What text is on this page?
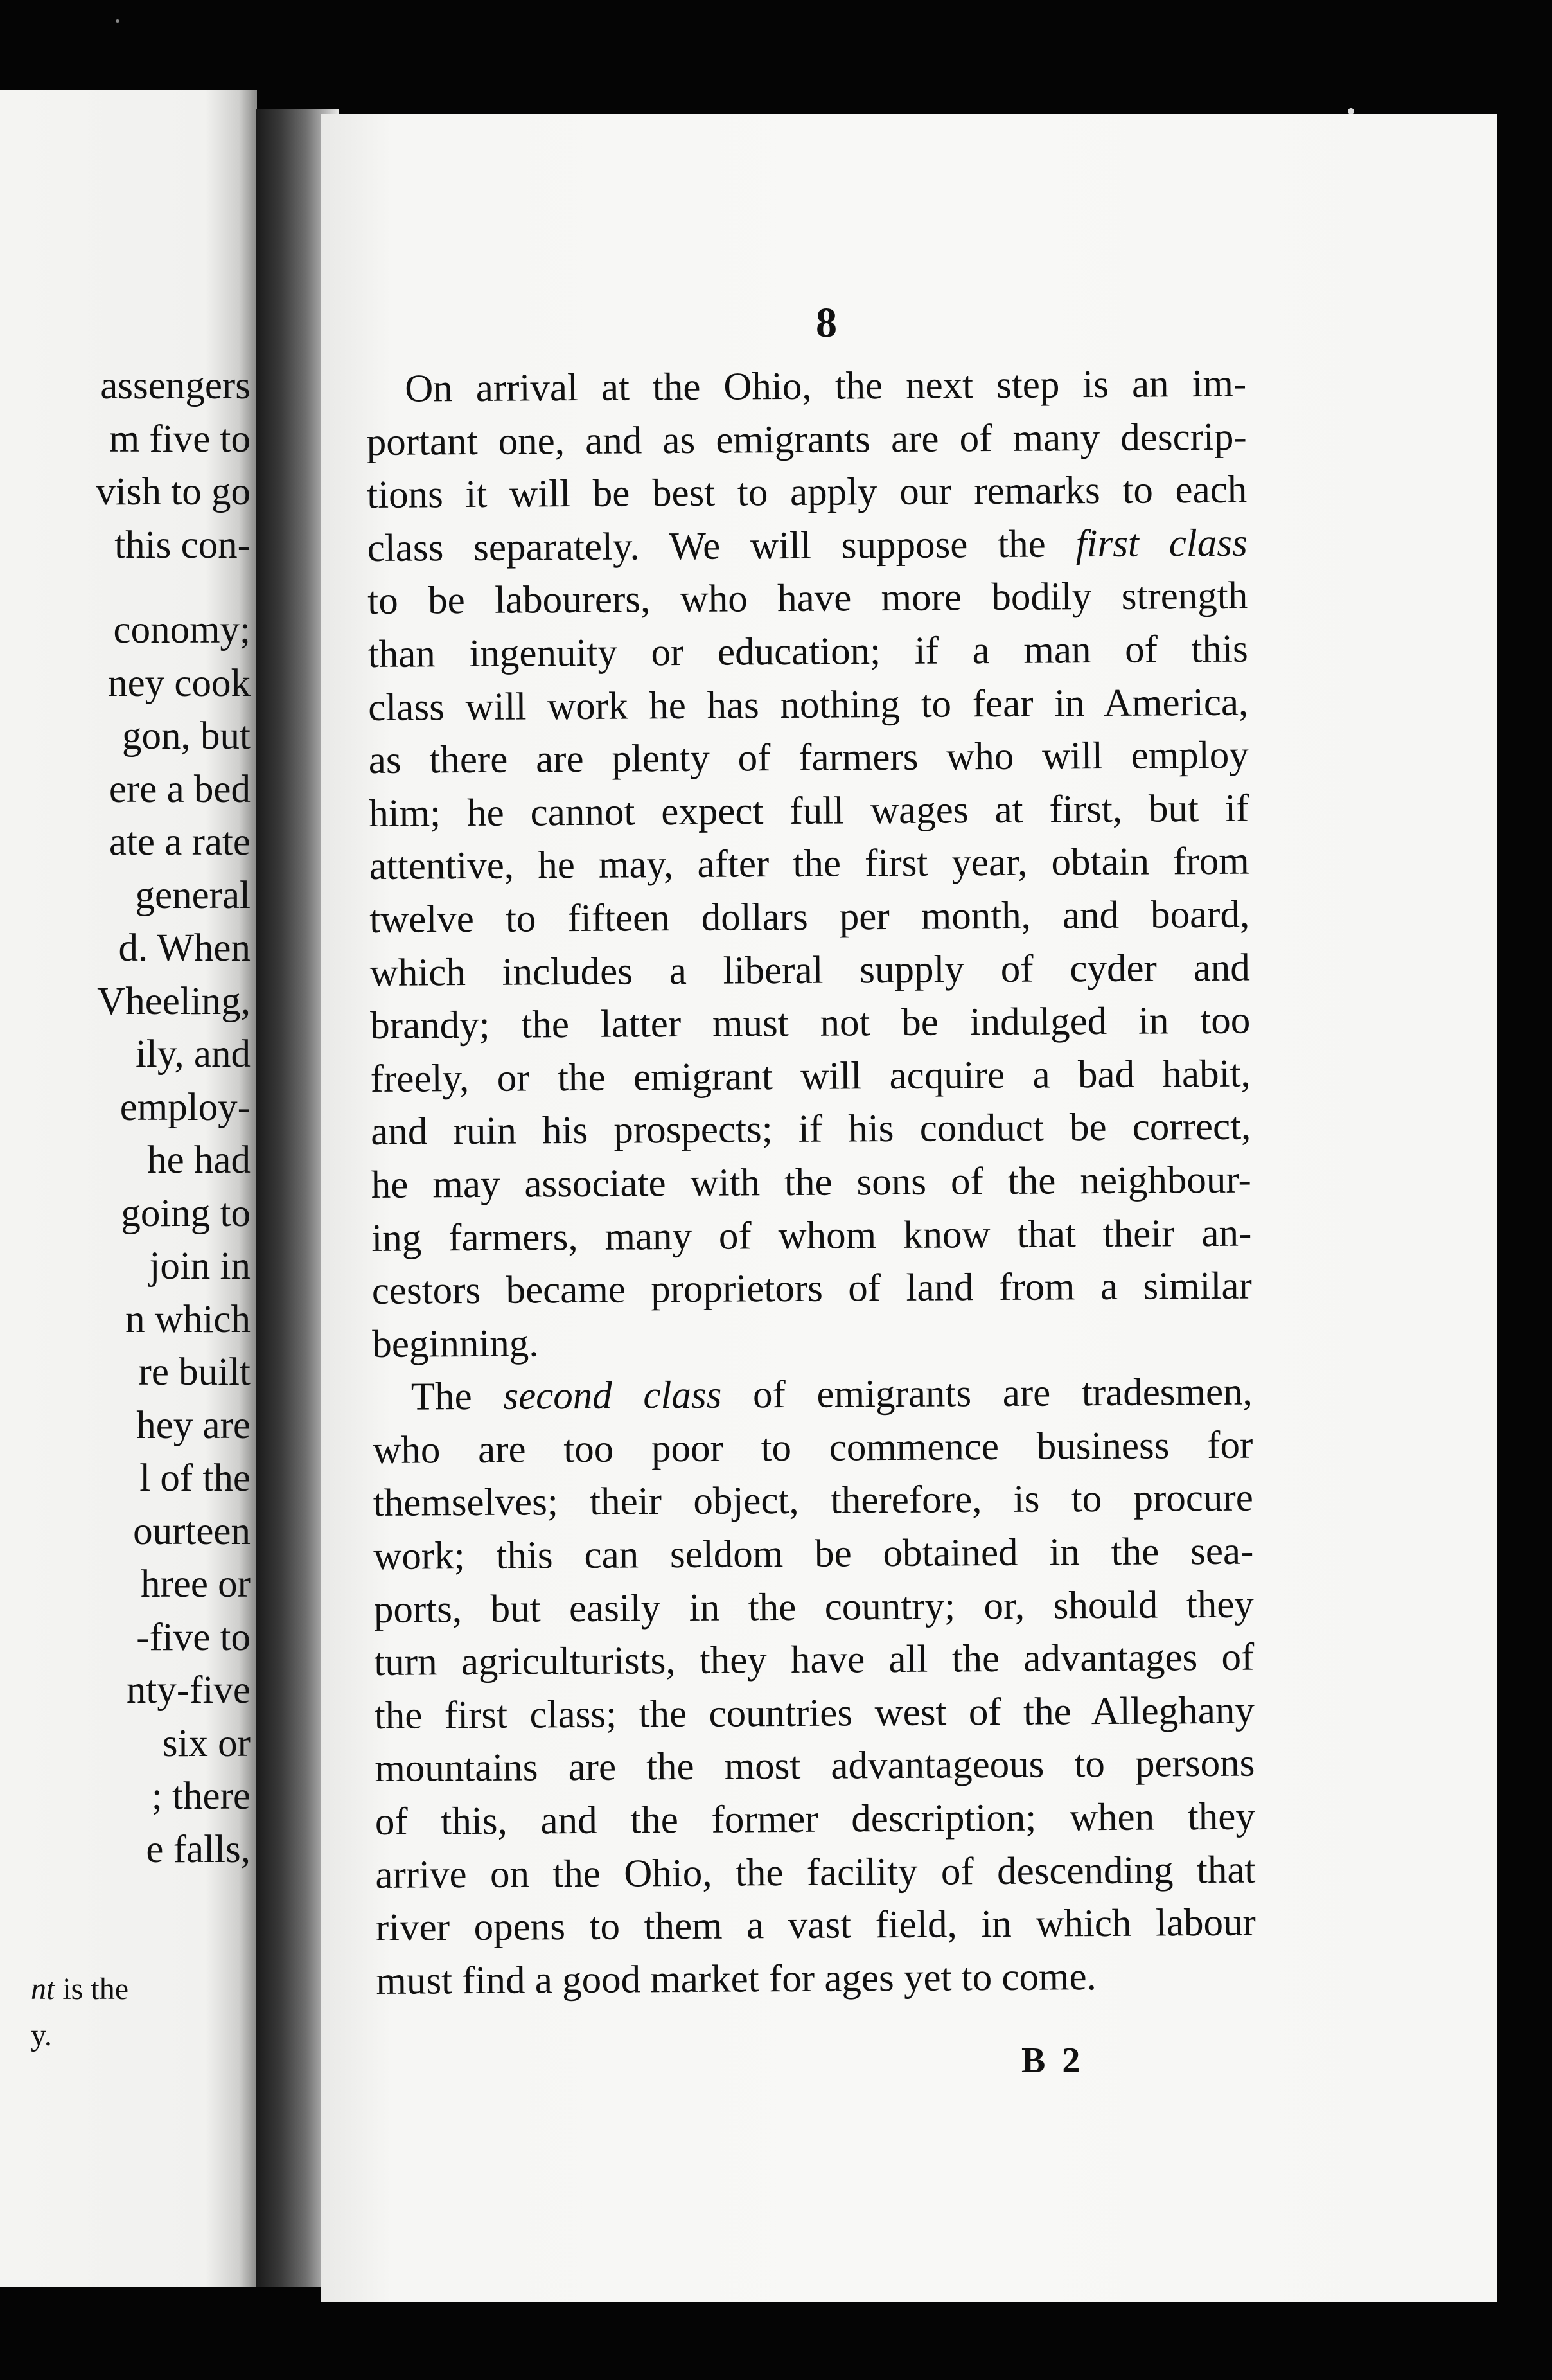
assengers
m five to
vish to go
this con-
conomy;
ney cook
gon, but
ere a bed
ate a rate
general
d. When
Vheeling,
ily, and
employ-
he had
going to
join in
n which
re built
hey are
l of the
ourteen
hree or
-five to
nty-five
six or
; there
e falls,
nt is the
y.
8
On arrival at the Ohio, the next step is an im-
portant one, and as emigrants are of many descrip-
tions it will be best to apply our remarks to each
class separately. We will suppose the first class
to be labourers, who have more bodily strength
than ingenuity or education; if a man of this
class will work he has nothing to fear in America,
as there are plenty of farmers who will employ
him; he cannot expect full wages at first, but if
attentive, he may, after the first year, obtain from
twelve to fifteen dollars per month, and board,
which includes a liberal supply of cyder and
brandy; the latter must not be indulged in too
freely, or the emigrant will acquire a bad habit,
and ruin his prospects; if his conduct be correct,
he may associate with the sons of the neighbour-
ing farmers, many of whom know that their an-
cestors became proprietors of land from a similar
beginning.
The second class of emigrants are tradesmen,
who are too poor to commence business for
themselves; their object, therefore, is to procure
work; this can seldom be obtained in the sea-
ports, but easily in the country; or, should they
turn agriculturists, they have all the advantages of
the first class; the countries west of the Alleghany
mountains are the most advantageous to persons
of this, and the former description; when they
arrive on the Ohio, the facility of descending that
river opens to them a vast field, in which labour
must find a good market for ages yet to come.
B 2
